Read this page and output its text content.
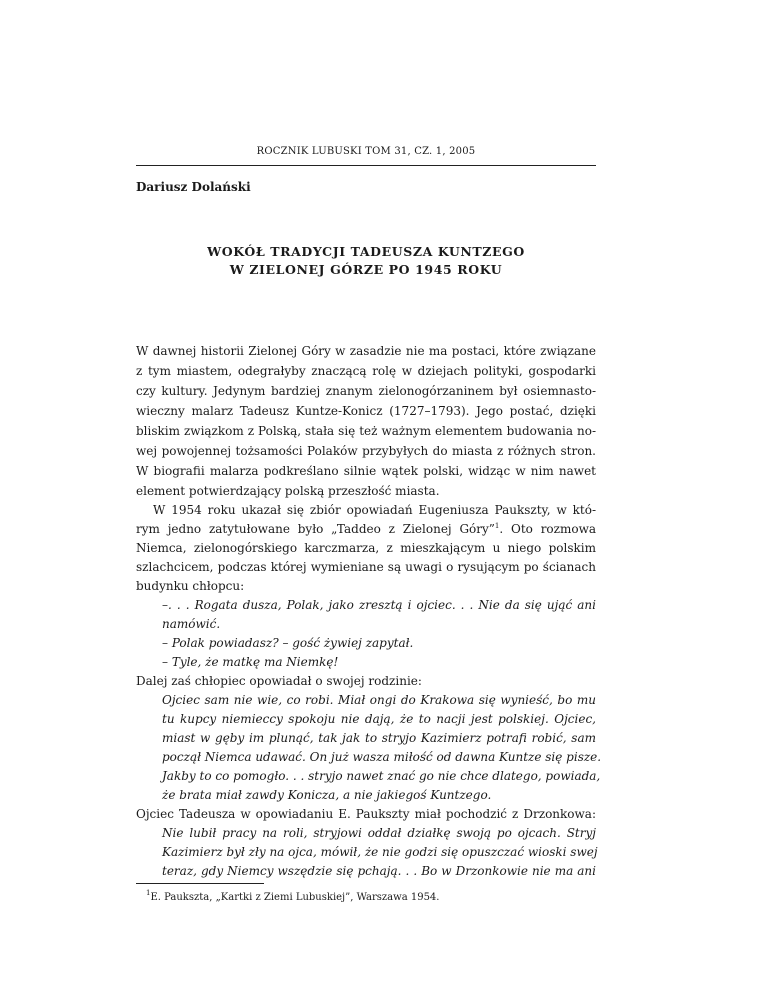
ROCZNIK LUBUSKI TOM 31, CZ. 1, 2005
Dariusz Dolański
WOKÓŁ TRADYCJI TADEUSZA KUNTZEGO
W ZIELONEJ GÓRZE PO 1945 ROKU
W dawnej historii Zielonej Góry w zasadzie nie ma postaci, które związane
z tym miastem, odegrałyby znaczącą rolę w dziejach polityki, gospodarki
czy kultury. Jedynym bardziej znanym zielonogórzaninem był osiemnasto-
wieczny malarz Tadeusz Kuntze-Konicz (1727–1793). Jego postać, dzięki
bliskim związkom z Polską, stała się też ważnym elementem budowania no-
wej powojennej tożsamości Polaków przybyłych do miasta z różnych stron.
W biografii malarza podkreślano silnie wątek polski, widząc w nim nawet
element potwierdzający polską przeszłość miasta.
W 1954 roku ukazał się zbiór opowiadań Eugeniusza Paukszty, w któ-
rym jedno zatytułowane było „Taddeo z Zielonej Góry”$^1$. Oto rozmowa
Niemca, zielonogórskiego karczmarza, z mieszkającym u niego polskim
szlachcicem, podczas której wymieniane są uwagi o rysującym po ścianach
budynku chłopcu:
–. . . Rogata dusza, Polak, jako zresztą i ojciec. . . Nie da się ująć ani
namówić.
– Polak powiadasz? – gość żywiej zapytał.
– Tyle, że matkę ma Niemkę!
Dalej zaś chłopiec opowiadał o swojej rodzinie:
Ojciec sam nie wie, co robi. Miał ongi do Krakowa się wynieść, bo mu
tu kupcy niemieccy spokoju nie dają, że to nacji jest polskiej. Ojciec,
miast w gęby im plunąć, tak jak to stryjo Kazimierz potrafi robić, sam
począł Niemca udawać. On już wasza miłość od dawna Kuntze się pisze.
Jakby to co pomogło. . . stryjo nawet znać go nie chce dlatego, powiada,
że brata miał zawdy Konicza, a nie jakiegoś Kuntzego.
Ojciec Tadeusza w opowiadaniu E. Paukszty miał pochodzić z Drzonkowa:
Nie lubił pracy na roli, stryjowi oddał działkę swoją po ojcach. Stryj
Kazimierz był zły na ojca, mówił, że nie godzi się opuszczać wioski swej
teraz, gdy Niemcy wszędzie się pchają. . . Bo w Drzonkowie nie ma ani
$^1$E. Paukszta, „Kartki z Ziemi Lubuskiej”, Warszawa 1954.
